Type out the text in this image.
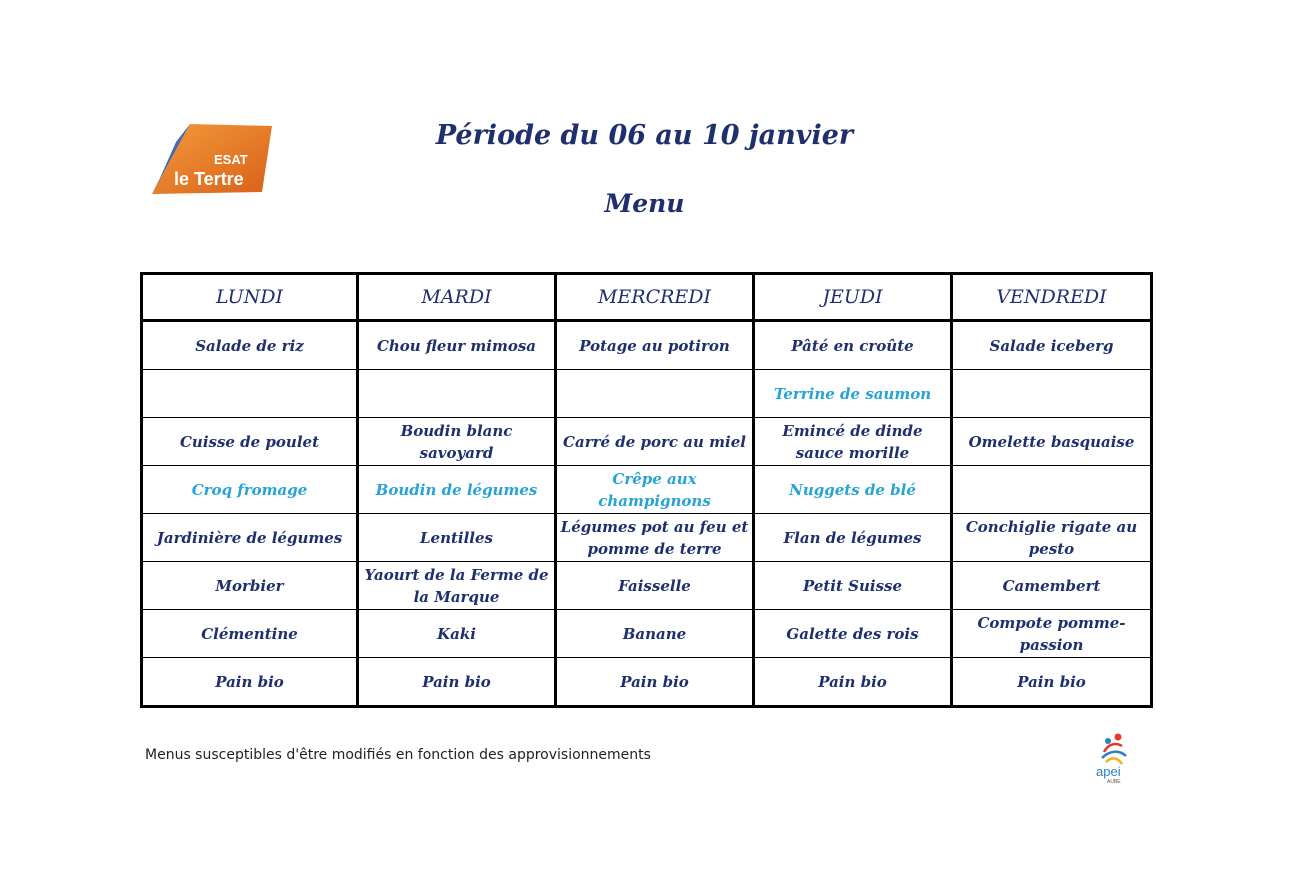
ESAT
le Tertre
Période du 06 au 10 janvier
Menu
LUNDI	MARDI	MERCREDI	JEUDI	VENDREDI
Salade de riz	Chou fleur mimosa	Potage au potiron	Pâté en croûte	Salade iceberg
			Terrine de saumon	
Cuisse de poulet	Boudin blanc savoyard	Carré de porc au miel	Emincé de dinde sauce morille	Omelette basquaise
Croq fromage	Boudin de légumes	Crêpe aux champignons	Nuggets de blé	
Jardinière de légumes	Lentilles	Légumes pot au feu et pomme de terre	Flan de légumes	Conchiglie rigate au pesto
Morbier	Yaourt de la Ferme de la Marque	Faisselle	Petit Suisse	Camembert
Clémentine	Kaki	Banane	Galette des rois	Compote pomme-passion
Pain bio	Pain bio	Pain bio	Pain bio	Pain bio
Menus susceptibles d'être modifiés en fonction des approvisionnements
apei
AUBE
